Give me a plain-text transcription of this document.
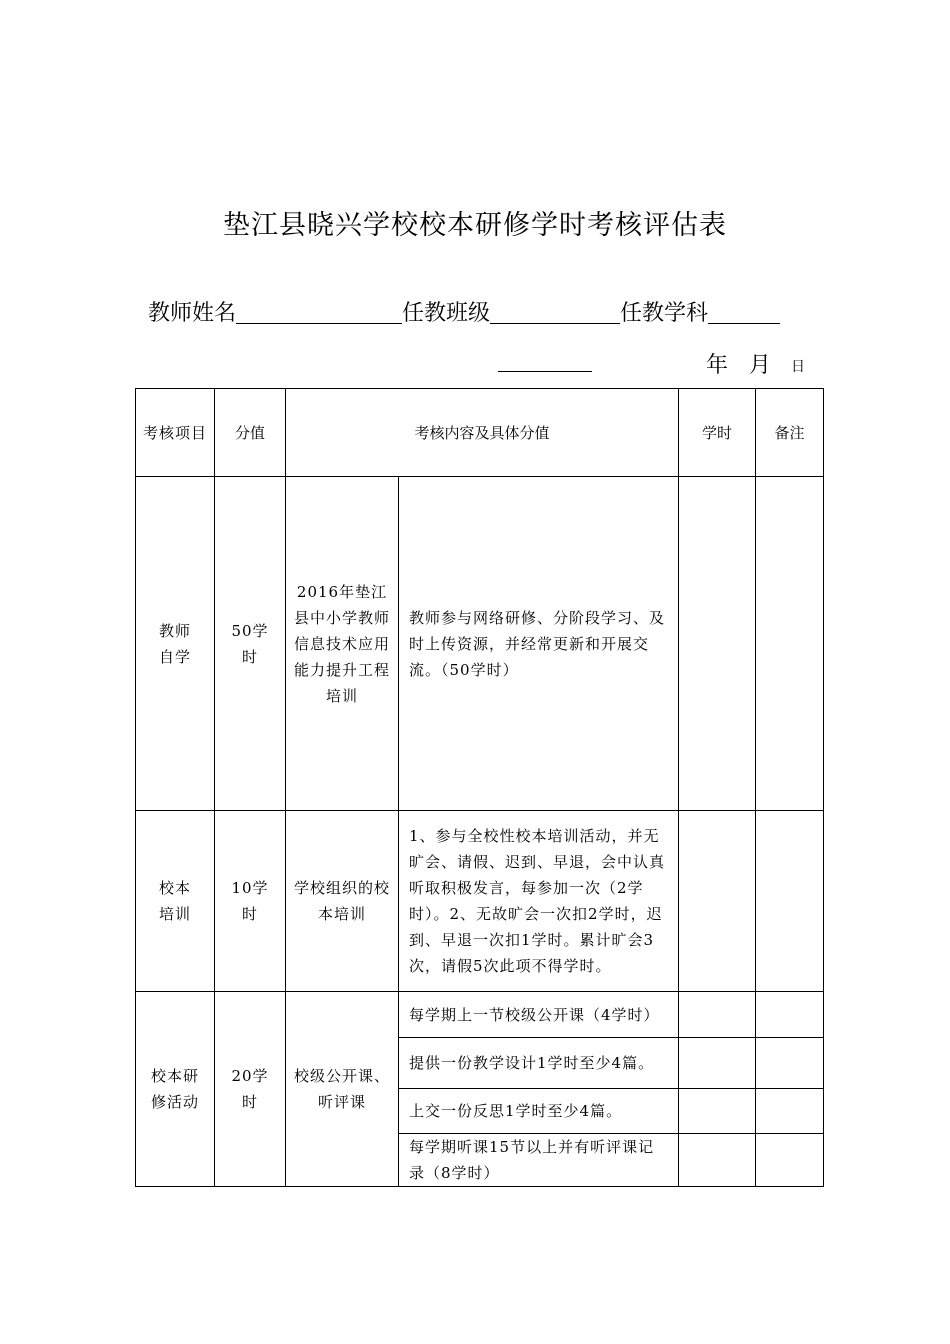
垫江县晓兴学校校本研修学时考核评估表
教师姓名	任教班级	任教学科
年 月 日
考核项目	分值	考核内容及具体分值		学时	备注
教师自学	50学时	2016年垫江县中小学教师信息技术应用能力提升工程培训	教师参与网络研修、分阶段学习、及时上传资源，并经常更新和开展交流。（50学时）		
校本培训	10学时	学校组织的校本培训	1、参与全校性校本培训活动，并无旷会、请假、迟到、早退，会中认真听取积极发言，每参加一次（2学时）。2、无故旷会一次扣2学时，迟到、早退一次扣1学时。累计旷会3次，请假5次此项不得学时。		
校本研修活动	20学时	校级公开课、听评课	每学期上一节校级公开课（4学时）		
			提供一份教学设计1学时至少4篇。		
			上交一份反思1学时至少4篇。		
			每学期听课15节以上并有听评课记录（8学时）		
